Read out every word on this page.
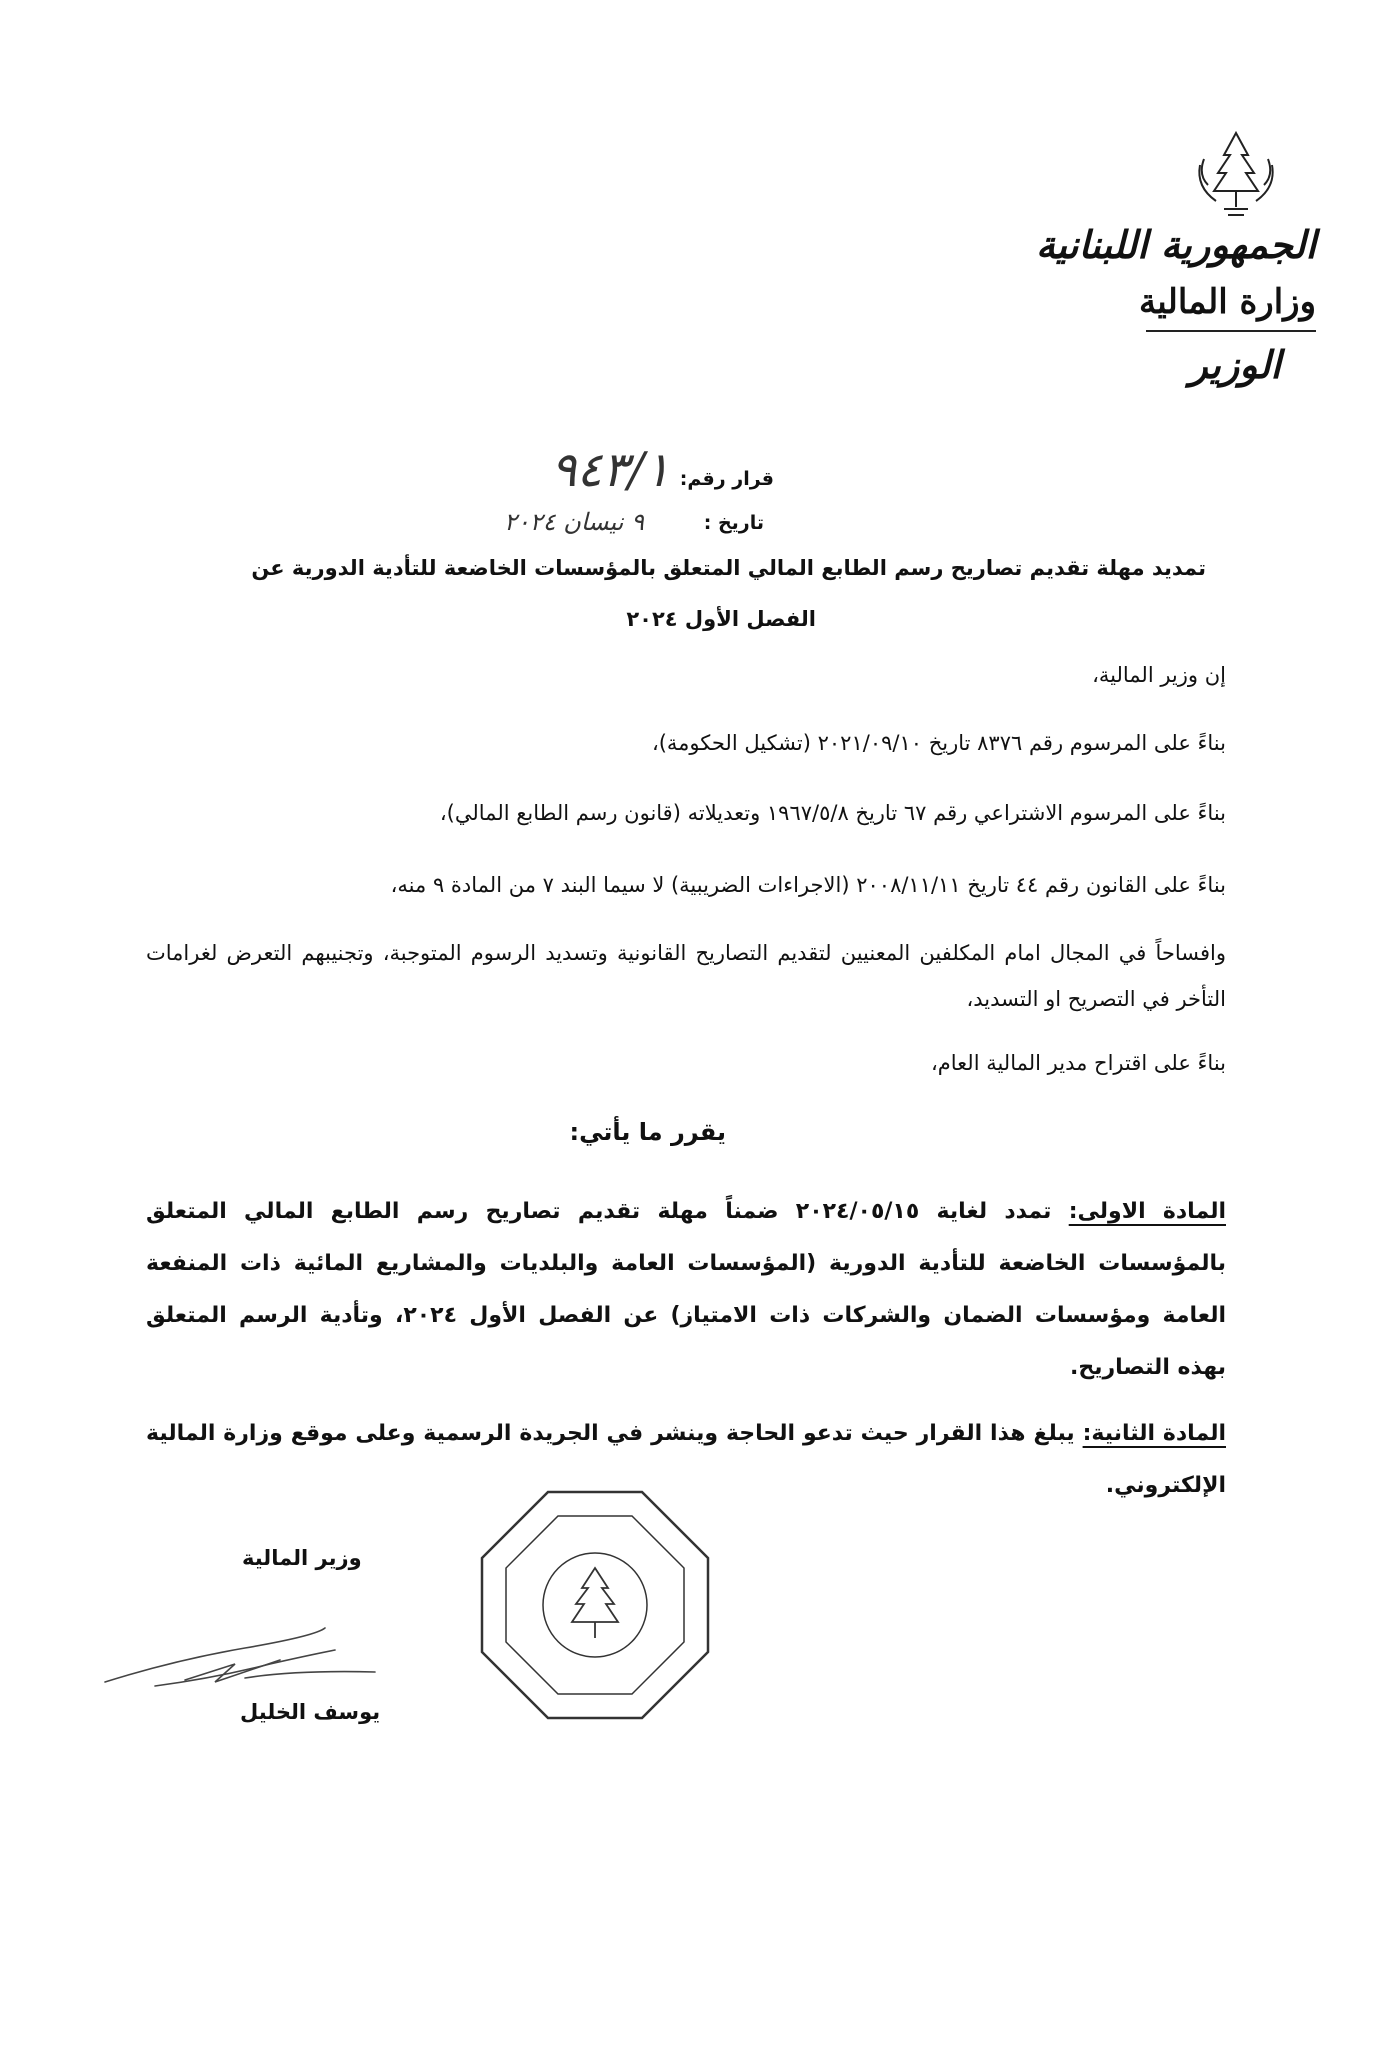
الجمهورية اللبنانية
وزارة المالية
الوزير
قرار رقم:
٩٤٣/١
تاريخ :
٩ نيسان ٢٠٢٤
تمديد مهلة تقديم تصاريح رسم الطابع المالي المتعلق بالمؤسسات الخاضعة للتأدية الدورية عن
الفصل الأول ٢٠٢٤
إن وزير المالية،
بناءً على المرسوم رقم ٨٣٧٦ تاريخ ٢٠٢١/٠٩/١٠ (تشكيل الحكومة)،
بناءً على المرسوم الاشتراعي رقم ٦٧ تاريخ ١٩٦٧/٥/٨ وتعديلاته (قانون رسم الطابع المالي)،
بناءً على القانون رقم ٤٤ تاريخ ٢٠٠٨/١١/١١ (الاجراءات الضريبية) لا سيما البند ٧ من المادة ٩ منه،
وافساحاً في المجال امام المكلفين المعنيين لتقديم التصاريح القانونية وتسديد الرسوم المتوجبة، وتجنيبهم التعرض لغرامات التأخر في التصريح او التسديد،
بناءً على اقتراح مدير المالية العام،
يقرر ما يأتي:
المادة الاولى: تمدد لغاية ٢٠٢٤/٠٥/١٥ ضمناً مهلة تقديم تصاريح رسم الطابع المالي المتعلق بالمؤسسات الخاضعة للتأدية الدورية (المؤسسات العامة والبلديات والمشاريع المائية ذات المنفعة العامة ومؤسسات الضمان والشركات ذات الامتياز) عن الفصل الأول ٢٠٢٤، وتأدية الرسم المتعلق بهذه التصاريح.
المادة الثانية: يبلغ هذا القرار حيث تدعو الحاجة وينشر في الجريدة الرسمية وعلى موقع وزارة المالية الإلكتروني.
وزير المالية
يوسف الخليل
